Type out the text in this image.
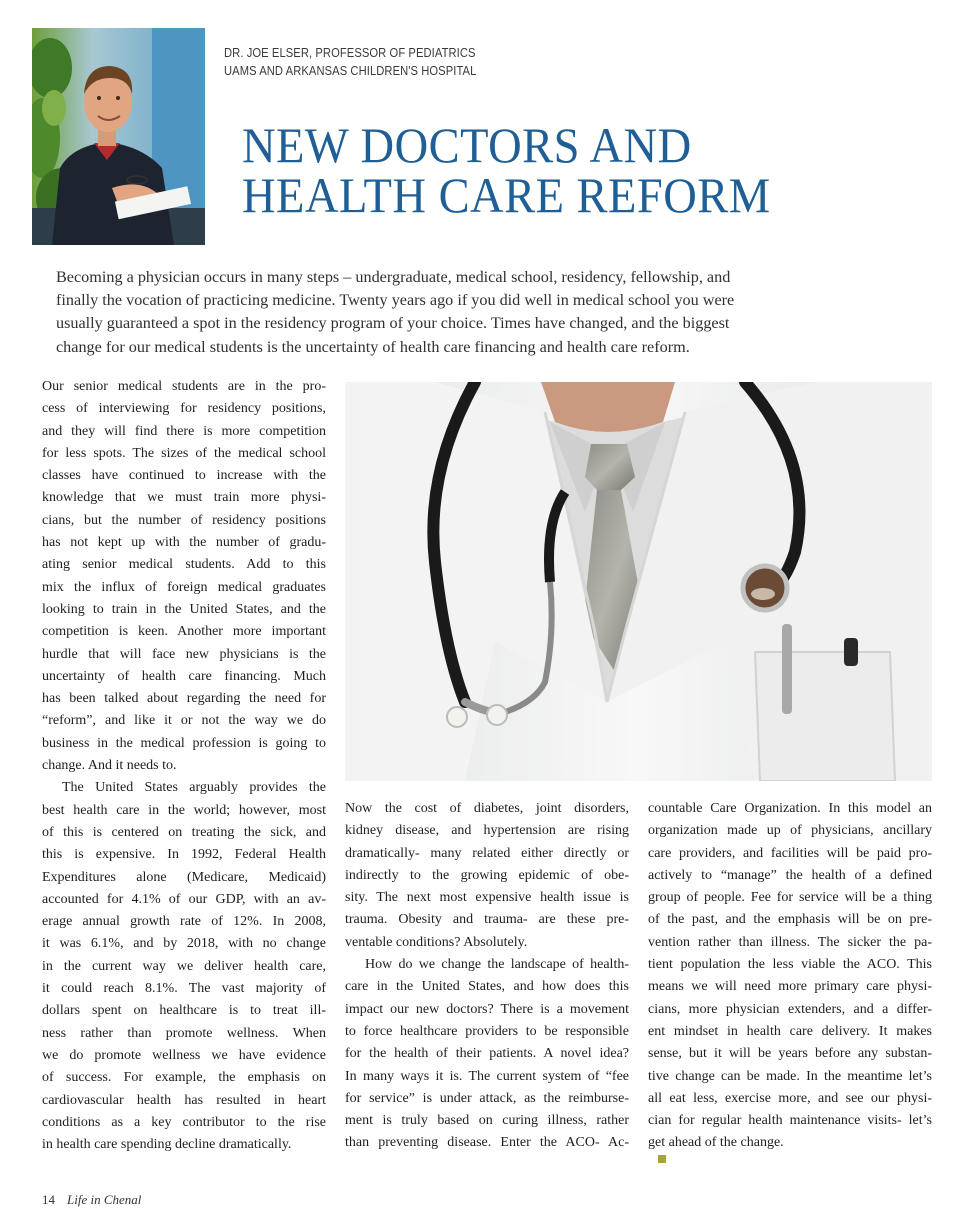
DR. JOE ELSER, PROFESSOR OF PEDIATRICS
UAMS AND ARKANSAS CHILDREN'S HOSPITAL
NEW DOCTORS AND
HEALTH CARE REFORM
Becoming a physician occurs in many steps – undergraduate, medical school, residency, fellowship, and
finally the vocation of practicing medicine. Twenty years ago if you did well in medical school you were
usually guaranteed a spot in the residency program of your choice. Times have changed, and the biggest
change for our medical students is the uncertainty of health care financing and health care reform.
Our senior medical students are in the pro-
cess of interviewing for residency positions,
and they will find there is more competition
for less spots. The sizes of the medical school
classes have continued to increase with the
knowledge that we must train more physi-
cians, but the number of residency positions
has not kept up with the number of gradu-
ating senior medical students. Add to this
mix the influx of foreign medical graduates
looking to train in the United States, and the
competition is keen. Another more important
hurdle that will face new physicians is the
uncertainty of health care financing. Much
has been talked about regarding the need for
“reform”, and like it or not the way we do
business in the medical profession is going to
change. And it needs to.
The United States arguably provides the
best health care in the world; however, most
of this is centered on treating the sick, and
this is expensive. In 1992, Federal Health
Expenditures alone (Medicare, Medicaid)
accounted for 4.1% of our GDP, with an av-
erage annual growth rate of 12%. In 2008,
it was 6.1%, and by 2018, with no change
in the current way we deliver health care,
it could reach 8.1%. The vast majority of
dollars spent on healthcare is to treat ill-
ness rather than promote wellness. When
we do promote wellness we have evidence
of success. For example, the emphasis on
cardiovascular health has resulted in heart
conditions as a key contributor to the rise
in health care spending decline dramatically.
Now the cost of diabetes, joint disorders,
kidney disease, and hypertension are rising
dramatically- many related either directly or
indirectly to the growing epidemic of obe-
sity. The next most expensive health issue is
trauma. Obesity and trauma- are these pre-
ventable conditions? Absolutely.
How do we change the landscape of health-
care in the United States, and how does this
impact our new doctors? There is a movement
to force healthcare providers to be responsible
for the health of their patients. A novel idea?
In many ways it is. The current system of “fee
for service” is under attack, as the reimburse-
ment is truly based on curing illness, rather
than preventing disease. Enter the ACO- Ac-
countable Care Organization. In this model an
organization made up of physicians, ancillary
care providers, and facilities will be paid pro-
actively to “manage” the health of a defined
group of people. Fee for service will be a thing
of the past, and the emphasis will be on pre-
vention rather than illness. The sicker the pa-
tient population the less viable the ACO. This
means we will need more primary care physi-
cians, more physician extenders, and a differ-
ent mindset in health care delivery. It makes
sense, but it will be years before any substan-
tive change can be made. In the meantime let’s
all eat less, exercise more, and see our physi-
cian for regular health maintenance visits- let’s
get ahead of the change.
14 Life in Chenal
